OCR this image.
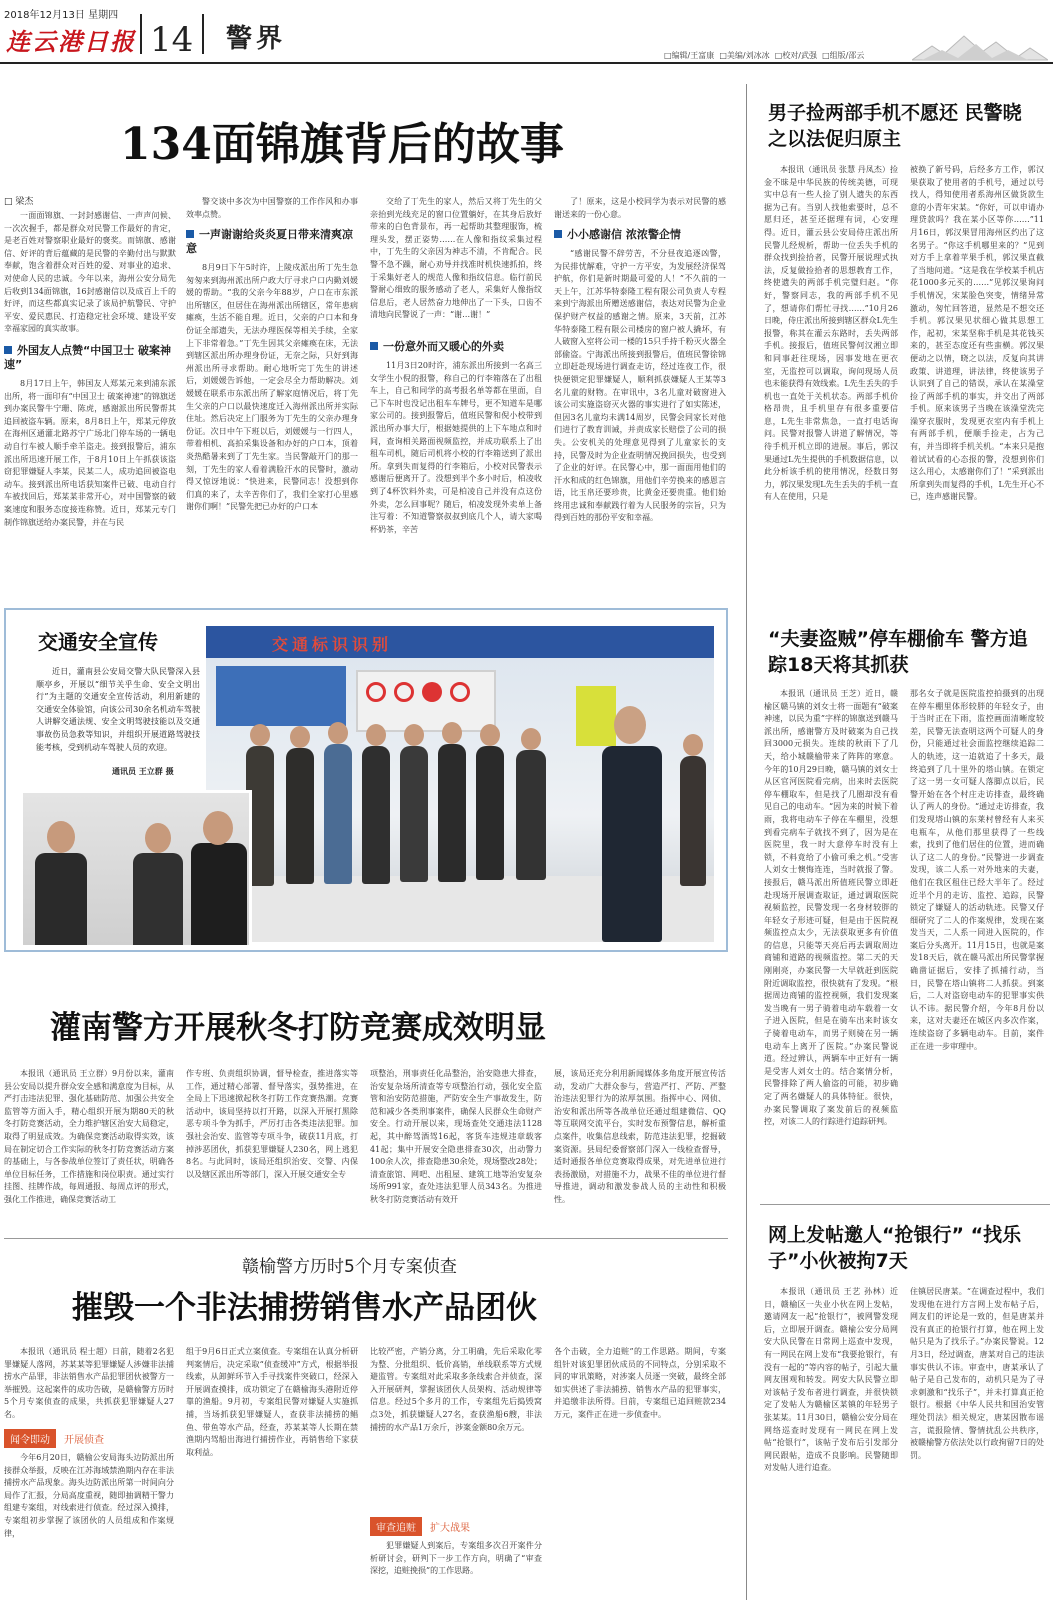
2018年12月13日 星期四
连云港日报 14 警界
□编辑/王富康 □美编/刘冰冰 □校对/武强 □组版/邵云
134面锦旗背后的故事
□ 梁杰
一面面锦旗、一封封感谢信、一声声问候、一次次握手，都是群众对民警工作最好的肯定，是老百姓对警察职业最好的褒奖。而锦旗、感谢信、好评的背后蕴藏的是民警的辛勤付出与默默奉献，饱含着群众对百姓的爱、对事业的追求、对使命人民的忠诚。今年以来，海州公安分局先后收到134面锦旗，16封感谢信以及成百上千的好评，而这些都真实记录了该局护航警民、守护平安、爱民惠民、打造稳定社会环境、建设平安幸福家园的真实故事。
外国友人点赞“中国卫士 破案神速”
8月17日上午，韩国友人郑某元来到浦东派出所，将一面印有“中国卫士 破案神速”的锦旗送到办案民警牛宁珊、陈虎，感谢派出所民警帮其追回被盗车辆。原来，8月8日上午，郑某元停放在海州区通灌北路苏宁广场北门停车场的一辆电动自行车被人顺手牵羊盗走。接到报警后，浦东派出所迅速开展工作，于8月10日上午抓获该盗窃犯罪嫌疑人李某，民某二人，成功追回被盗电动车。接到派出所电话获知案件已破、电动自行车被找回后，郑某某非常开心，对中国警察的破案速度和服务态度接连称赞。近日，郑某元专门制作锦旗送给办案民警，并在与民
警交谈中多次为中国警察的工作作风和办事效率点赞。
一声谢谢给炎炎夏日带来清爽凉意
8月9日下午5时许，上陵戍派出所丁先生急匆匆来到海州派出所户政大厅寻求户口内勤刘媛媛的帮助。“我的父亲今年88岁，户口在市东派出所辖区，但居住在海州派出所辖区，常年患病瘫痪，生活不能自理。近日，父亲的户口本和身份证全部遗失，无法办理医保等相关手续，全家上下非常着急。”丁先生因其父亲瘫痪在床，无法到辖区派出所办理身份证，无奈之际，只好到海州派出所寻求帮助。耐心地听完丁先生的讲述后，刘媛媛告诉他，一定会尽全力帮助解决。刘媛媛在联系市东派出所了解家庭情况后，将丁先生父亲的户口以最快速度迁入海州派出所并实际住址。然后决定上门服务为丁先生的父亲办理身份证。次日中午下班以后，刘媛媛与一行四人，带着相机、高拍采集设备和办好的户口本，顶着炎热酷暑来到了丁先生家。当民警敲开门的那一刻，丁先生的家人看着满脸汗水的民警时，激动得又惊讶地说：“快进来，民警同志！没想到你们真的来了，太辛苦你们了，我们全家打心里感谢你们啊！”民警先把已办好的户口本
交给了丁先生的家人，然后又将丁先生的父亲抬到光线充足的窗口位置躺好，在其身后放好带来的白色背景布，再一起帮助其整理服饰，梳理头发，摆正姿势……在人像和指纹采集过程中，丁先生的父亲因为神志不清，不肯配合。民警不急不躁，耐心劝导并找准时机快速抓拍，终于采集好老人的规范人像和指纹信息。临行前民警耐心细致的服务感动了老人，采集好人像指纹信息后，老人居然奋力地伸出了一下头，口齿不清地向民警说了一声：“谢…谢！”
一份意外而又暖心的外卖
11月3日20时许，浦东派出所接到一名高三女学生小倪的报警，称自己的行李箱落在了出租车上，自己和同学的高考报名单等都在里面，自己下车时也没记出租车车牌号，更不知道车是哪家公司的。接到报警后，值班民警和倪小校带到派出所办事大厅，根据她提供的上下车地点和时间，查询相关路面视频监控，并成功联系上了出租车司机，随后司机将小校的行李箱送到了派出所。拿到失而复得的行李箱后，小校对民警表示感谢后便离开了。没想到半个多小时后，柏凌收到了4杯饮料外卖，可是柏凌自己并没有点这份外卖，怎么回事呢？随后，柏凌发现外卖单上备注写着：不知道警察叔叔到底几个人，请大家喝杯奶茶，辛苦
了！原来，这是小校同学为表示对民警的感谢送来的一份心意。
小小感谢信 浓浓警企情
“感谢民警不辞劳苦，不分昼夜追逐凶警，为民排忧解难，守护一方平安，为发展经济保驾护航，你们是新时期最可爱的人！”不久前的一天上午，江苏华特泰隆工程有限公司负责人专程来到宁海派出所赠送感谢信，表达对民警为企业保护财产权益的感谢之情。原来，3天前，江苏华特泰隆工程有限公司楼房的窗户被人撬坏，有人破窗入室将公司一楼的15只手持千粉灭火器全部偷盗。宁海派出所接到报警后，值班民警徐锦立即赶赴现场进行调查走访，经过连夜工作，很快便锁定犯罪嫌疑人，顺利抓获嫌疑人王某等3名儿童的财物。在审讯中，3名儿童对破窗进入该公司实施盗窃灭火器的事实进行了如实陈述，但因3名儿童均未满14周岁，民警会同家长对他们进行了教育训诫，并责成家长赔偿了公司的损失。公安机关的处理意见得到了儿童家长的支持，民警及时为企业查明情况挽回损失，也受到了企业的好评。在民警心中，那一面面用他们的汗水和成的红色锦旗，用他们辛劳换来的感恩言语，比玉帛还要珍贵，比黄金还要贵重。他们始终用忠诚和奉献践行着为人民服务的宗旨，只为得到百姓的那份平安和幸福。
男子捡两部手机不愿还 民警晓之以法促归原主
本报讯（通讯员 张慧 丹凤杰）捡金不昧是中华民族的传统美德，可现实中总有一些人捡了别人遗失的东西据为己有。当别人找他索要时，总不愿归还，甚至还据理有词，心安理得。近日，灌云县公安局侍庄派出所民警儿经规析，帮助一位丢失手机的群众找到捡拾者，民警开展说理式执法，反复做捡拾者的思想教育工作，终使遗失的两部手机完璧归赵。“你好，警察同志，我的两部手机不见了，想请你们帮忙寻找……”10月26日晚，侍庄派出所接到辖区群众L先生报警，称其在灌云东路时，丢失两部手机。接报后，值班民警何汉湘立即和同事赶往现场，因事发地在更衣室，无监控可以调取，询问现场人员也未能获得有效线索。L先生丢失的手机也一直处于关机状态。两部手机价格昂贵，且手机里存有很多重要信息，L先生非常焦急，一直打电话询问。民警对报警人讲道了解情况，等待手机开机立即的进展。事后，郭汉果通过L先生提供的手机数据信息，以此分析该手机的使用情况，经数日努力，郭汉果发现L先生丢失的手机一直有人在使用，只是
被换了新号码，后经多方工作，郭汉果获取了使用者的手机号，通过以号找人，得知使用者系海州区做货款生意的小青年宋某。“你好，可以申请办理贷款吗？我在某小区等你……”11月16日，郭汉果冒用海州区约出了这名男子。“你这手机哪里来的？”见到对方手上拿着苹果手机，郭汉果直截了当地问道。“这是我在学校某手机店花1000多元买的……”见郭汉果询问手机情况，宋某脸色突变，情绪异常激动，匆忙回答道，显然是不想交还手机。郭汉果见状细心做其思想工作，起初，宋某坚称手机是其花钱买来的，甚至态度还有些蛮横。郭汉果便动之以情，晓之以法，反复向其讲政策、讲道理，讲法律，终使该男子认识到了自己的错误，承认在某澡堂捡了两部手机的事实，并交出了两部手机。原来该男子当晚在该澡堂洗完澡穿衣服时，发现更衣室内有手机上有两部手机，便顺手捡走，占为己有，并当即将手机关机。“本来只是抱着试试看的心态报的警，没想到你们这么用心，太感谢你们了！”采到派出所拿到失而复得的手机，L先生开心不已，连声感谢民警。
交通安全宣传
近日，灌南县公安局交警大队民警深入县顺亭乡，开展以“细节关乎生命、安全文明出行”为主题的交通安全宣传活动，利用新建的交通安全体验馆，向该公司30余名机动车驾驶人讲解交通法规、安全文明驾驶技能以及交通事故伤员急救等知识，并组织开展道路驾驶技能考核，受到机动车驾驶人员的欢迎。
通讯员 王立群 摄
交通标识识别	“夫妻盗贼”停车棚偷车 警方追踪18天将其抓获
本报讯（通讯员 王芝）近日，赣榆区赣马镇的刘女士将一面题有“破案神速，以民为重”字样的锦旗送到赣马派出所，感谢警方及时破案为自己找回3000元损失。连续的秋雨下了几天，给小城赣榆带来了阵阵的寒意。今年的10月29日晚，赣马镇的刘女士从区官河医院看完病，出来时去医院停车棚取车，但是找了几圈却没有看见自己的电动车。“因为来的时候下着雨，我将电动车子停在车棚里，没想到看完病车子就找不到了，因为是在医院里，我一时大意停车时没有上锁，不料竟给了小偷可乘之机。”受害人刘女士懊悔连连，当时就报了警。接报后，赣马派出所值班民警立即赶赴现场开展调查取证，通过调取医院视频监控，民警发现一名身材较胖的年轻女子形迹可疑，但是由于医院视频监控点太少，无法获取更多有价值的信息，只能等天亮后再去调取周边商铺和道路的视频监控。第二天的天刚刚亮，办案民警一大早就赶到医院附近调取监控，很快就有了发现。“根据周边商铺的监控视频，我们发现案发当晚有一男子骑着电动车载着一女子进入医院，但是在骑车出来时该女子骑着电动车，而男子则骑在另一辆电动车上离开了医院。”办案民警说道。经过辨认，两辆车中正好有一辆是受害人刘女士的。结合案情分析，民警排除了两人偷盗的可能，初步确定了两名嫌疑人的具体特征。很快，办案民警调取了案发前后的视频监控，对该二人的行踪进行追踪研判。
那名女子就是医院监控拍摄到的出现在停车棚里体形较胖的年轻女子，由于当时正在下雨，监控画面清晰度较差，民警无法查明这两个可疑人的身份，只能通过社会面监控继续追踪二人的轨迹，这一追就追了十多天，最终追到了几十里外的塔山镇。在锁定了这一男一女可疑人落脚点以后，民警开始在各个村庄走访排查，最终确认了两人的身份。“通过走访排查，我们发现塔山镇的东莱村曾经有人来买电瓶车，从他们那里获得了一些线索，找到了他们居住的位置，进而确认了这二人的身份。”民警进一步调查发现，该二人系一对外地来的夫妻，他们在我区租住已经大半年了。经过近半个月的走访、监控、追踪，民警锁定了嫌疑人的活动轨迹。民警又仔细研究了二人的作案规律，发现在案发当天，二人系一同进入医院的，作案后分头离开。11月15日，也就是案发18天后，就在赣马派出所民警掌握确凿证据后，安排了抓捕行动，当日，民警在塔山镇将二人抓获。到案后，二人对盗窃电动车的犯罪事实供认不讳。据民警介绍，今年8月份以来，这对夫妻还在城区内多次作案，连续盗窃了多辆电动车。目前，案件正在进一步审理中。
灌南警方开展秋冬打防竞赛成效明显
本报讯（通讯员 王立群）9月份以来，灌南县公安局以提升群众安全感和满意度为目标，从严打击违法犯罪、强化基础防范、加强公共安全监管等方面入手，精心组织开展为期80天的秋冬打防竞赛活动，全力维护辖区治安大局稳定，取得了明显成效。为确保竞赛活动取得实效，该局在制定切合工作实际的秋冬打防竞赛活动方案的基础上，与各参战单位签订了责任状，明确各单位目标任务，工作措施和岗位职责。通过实行挂图、挂牌作战，每周通报、每周点评的形式，强化工作推进，确保竞赛活动工
作专班、负责组织协调，督导检查，推进落实等工作，通过精心部署、督导落实，强势推进，在全局上下迅速掀起秋冬打防工作竞赛热潮。竞赛活动中，该局坚持以打开路，以深入开展打黑除恶专项斗争为抓手，严厉打击各类违法犯罪。加强社会治安、监管等专项斗争，破获11月底，打掉涉恶团伙，抓获犯罪嫌疑人230名，网上逃犯8名。与此同时，该局还组织治安、交警、内保以及辖区派出所等部门，深入开展交通安全专
项整治，刑事责任化品整治，治安隐患大排查，治安复杂场所清查等专项整治行动，强化安全监管和治安防范措施，严防安全生产事故发生，防范和减少各类刑事案件，确保人民群众生命财产安全。行动开展以来，现场查处交通违法1128起，其中醉驾酒驾16起，客货车违规违章载客41起；集中开展安全隐患排查30次，出动警力100余人次，排查隐患30余处，现场整改28处；清查旅馆、网吧、出租屋、建筑工地等治安复杂场所991家，查处违法犯罪人员343名。为推进秋冬打防竞赛活动有效开
展，该局还充分利用新闻媒体多角度开展宣传活动，发动广大群众参与，营造严打、严防、严整治违法犯罪行为的浓厚氛围。指挥中心、网侦、治安和派出所等各战单位还通过组建微信、QQ等互联网交流平台，实时发布预警信息，解析重点案件，收集信息线索，防范违法犯罪，挖掘破案资源。县局纪委督察部门深入一线检查督导，适时通报各单位竞赛取得成果，对先进单位进行表扬激励，对措施不力，战果不佳的单位进行督导推进，调动和激发参战人员的主动性和积极性。
赣榆警方历时5个月专案侦查
摧毁一个非法捕捞销售水产品团伙
本报讯（通讯员 程士超）日前，随着2名犯罪嫌疑人落网，苏某某等犯罪嫌疑人涉嫌非法捕捞水产品罪，非法销售水产品犯罪团伙被警方一举摧毁。这起案件的成功告破，是赣榆警方历时5个月专案侦查的成果，共抓获犯罪嫌疑人27名。
闻令即动 开展侦查
今年6月20日，赣榆公安局海头边防派出所接群众举报，反映在江苏海域禁渔期内存在非法捕捞水产品现象。海头边防派出所第一时间向分局作了汇报，分局高度重视，随即抽调精干警力组建专案组，对线索进行侦查。经过深入摸排，专案组初步掌握了该团伙的人员组成和作案规律，
组于9月6日正式立案侦查。专案组在认真分析研判案情后，决定采取“侦查缓冲”方式，根据举报线索，从卸鲜环节入手寻找案件突破口，经深入开展调查摸排，成功锁定了在赣榆海头港附近停靠的渔船。9月初，专案组民警对嫌疑人实施抓捕，当场抓获犯罪嫌疑人，查获非法捕捞的鲳鱼、带鱼等水产品，经查，苏某某等人长期在禁渔期内驾船出海进行捕捞作业，再销售给下家获取利益。
比较严密，产销分离，分工明确，先后采取化零为整、分批组织、低价高销，单线联系等方式规避监管。专案组对此采取多条线索合并侦查，深入开展研判，掌握该团伙人员架构、活动规律等信息。经过5个多月的工作，专案组先后捣毁窝点3处，抓获嫌疑人27名，查获渔船6艘，非法捕捞的水产品1万余斤，涉案金额80余万元。
审查追赃 扩大战果
犯罪嫌疑人到案后，专案组多次召开案件分析研讨会，研判下一步工作方向，明确了“审查深挖，追赃挽损”的工作思路。
各个击破，全力追赃”的工作思路。期间，专案组针对该犯罪团伙成员的不同特点，分别采取不同的审讯策略，对涉案人员逐一突破，最终全部如实供述了非法捕捞、销售水产品的犯罪事实，并追缴非法所得。目前，专案组已追回赃款234万元，案件正在进一步侦查中。
网上发帖邀人“抢银行” “找乐子”小伙被拘7天
本报讯（通讯员 王艺 孙林）近日，赣榆区一失业小伙在网上发帖，邀请网友一起“抢银行”，被网警发现后，立即展开调查。赣榆公安分局网安大队民警在日常网上巡查中发现，有一网民在网上发布“我要抢银行，有没有一起的”等内容的帖子，引起大量网友围观和转发。网安大队民警立即对该帖子发布者进行调查，并很快锁定了发帖人为赣榆区某镇的年轻男子张某某。11月30日，赣榆公安分局在网络巡查时发现有一网民在网上发帖“抢银行”，该帖子发布后引发部分网民跟帖，造成不良影响。民警随即对发帖人进行追查。
住镇居民唐某。“在调查过程中，我们发现他在进行方言网上发布帖子后，网友们的评论是一致的，但是唐某并没有真正的抢银行打算，他在网上发帖只是为了找乐子。”办案民警说。12月3日，经过调查，唐某对自己的违法事实供认不讳。审查中，唐某承认了帖子是自己发布的，动机只是为了寻求刺激和“找乐子”，并未打算真正抢银行。根据《中华人民共和国治安管理处罚法》相关规定，唐某因散布谣言，谎报险情、警情扰乱公共秩序，被赣榆警方依法处以行政拘留7日的处罚。
